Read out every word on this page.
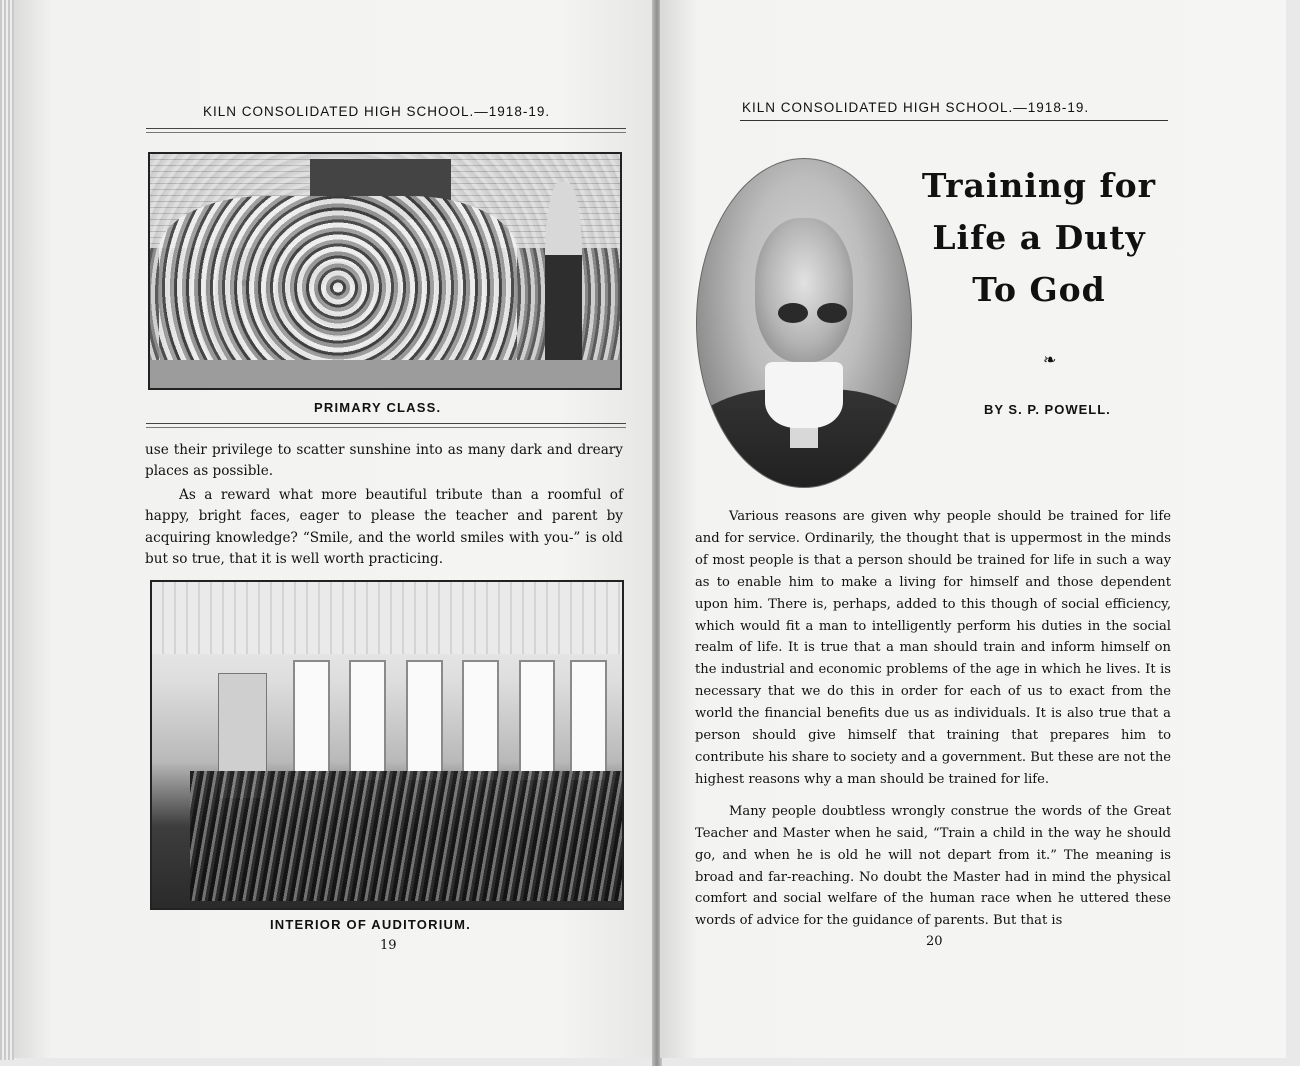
KILN CONSOLIDATED HIGH SCHOOL.—1918-19.
PRIMARY CLASS.

use their privilege to scatter sunshine into as many dark and dreary places as possible.

As a reward what more beautiful tribute than a roomful of happy, bright faces, eager to please the teacher and parent by acquiring knowledge? “Smile, and the world smiles with you-” is old but so true, that it is well worth practicing.

INTERIOR OF AUDITORIUM.
19
KILN CONSOLIDATED HIGH SCHOOL.—1918-19.
Training for
Life a Duty
To God
❧
BY S. P. POWELL.

Various reasons are given why people should be trained for life and for service. Ordinarily, the thought that is uppermost in the minds of most people is that a person should be trained for life in such a way as to enable him to make a living for himself and those dependent upon him. There is, perhaps, added to this though of social efficiency, which would fit a man to intelligently perform his duties in the social realm of life. It is true that a man should train and inform himself on the industrial and economic problems of the age in which he lives. It is necessary that we do this in order for each of us to exact from the world the financial benefits due us as individuals. It is also true that a person should give himself that training that prepares him to contribute his share to society and a government. But these are not the highest reasons why a man should be trained for life.

Many people doubtless wrongly construe the words of the Great Teacher and Master when he said, “Train a child in the way he should go, and when he is old he will not depart from it.” The meaning is broad and far-reaching. No doubt the Master had in mind the physical comfort and social welfare of the human race when he uttered these words of advice for the guidance of parents. But that is

20
